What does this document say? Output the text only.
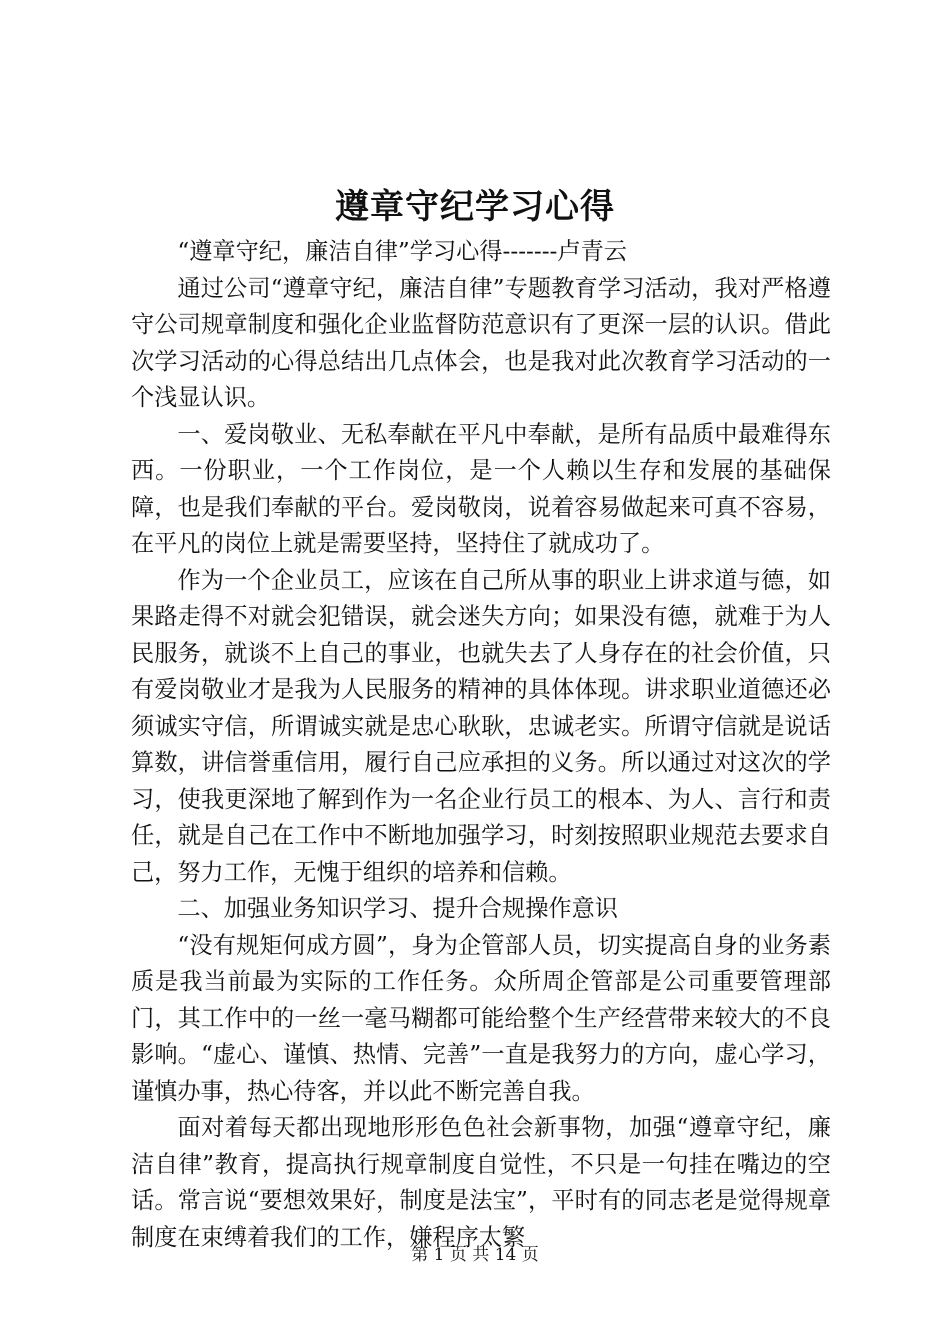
遵章守纪学习心得

“遵章守纪，廉洁自律”学习心得-------卢青云

通过公司“遵章守纪，廉洁自律”专题教育学习活动，我对严格遵守公司规章制度和强化企业监督防范意识有了更深一层的认识。借此次学习活动的心得总结出几点体会，也是我对此次教育学习活动的一个浅显认识。

一、爱岗敬业、无私奉献在平凡中奉献，是所有品质中最难得东西。一份职业，一个工作岗位，是一个人赖以生存和发展的基础保障，也是我们奉献的平台。爱岗敬岗，说着容易做起来可真不容易，在平凡的岗位上就是需要坚持，坚持住了就成功了。

作为一个企业员工，应该在自己所从事的职业上讲求道与德，如果路走得不对就会犯错误，就会迷失方向；如果没有德，就难于为人民服务，就谈不上自己的事业，也就失去了人身存在的社会价值，只有爱岗敬业才是我为人民服务的精神的具体体现。讲求职业道德还必须诚实守信，所谓诚实就是忠心耿耿，忠诚老实。所谓守信就是说话算数，讲信誉重信用，履行自己应承担的义务。所以通过对这次的学习，使我更深地了解到作为一名企业行员工的根本、为人、言行和责任，就是自己在工作中不断地加强学习，时刻按照职业规范去要求自己，努力工作，无愧于组织的培养和信赖。

二、加强业务知识学习、提升合规操作意识

“没有规矩何成方圆”，身为企管部人员，切实提高自身的业务素质是我当前最为实际的工作任务。众所周企管部是公司重要管理部门，其工作中的一丝一毫马糊都可能给整个生产经营带来较大的不良影响。“虚心、谨慎、热情、完善”一直是我努力的方向，虚心学习，谨慎办事，热心待客，并以此不断完善自我。

面对着每天都出现地形形色色社会新事物，加强“遵章守纪，廉洁自律”教育，提高执行规章制度自觉性，不只是一句挂在嘴边的空话。常言说“要想效果好，制度是法宝”，平时有的同志老是觉得规章制度在束缚着我们的工作，嫌程序太繁

第 1 页 共 14 页
